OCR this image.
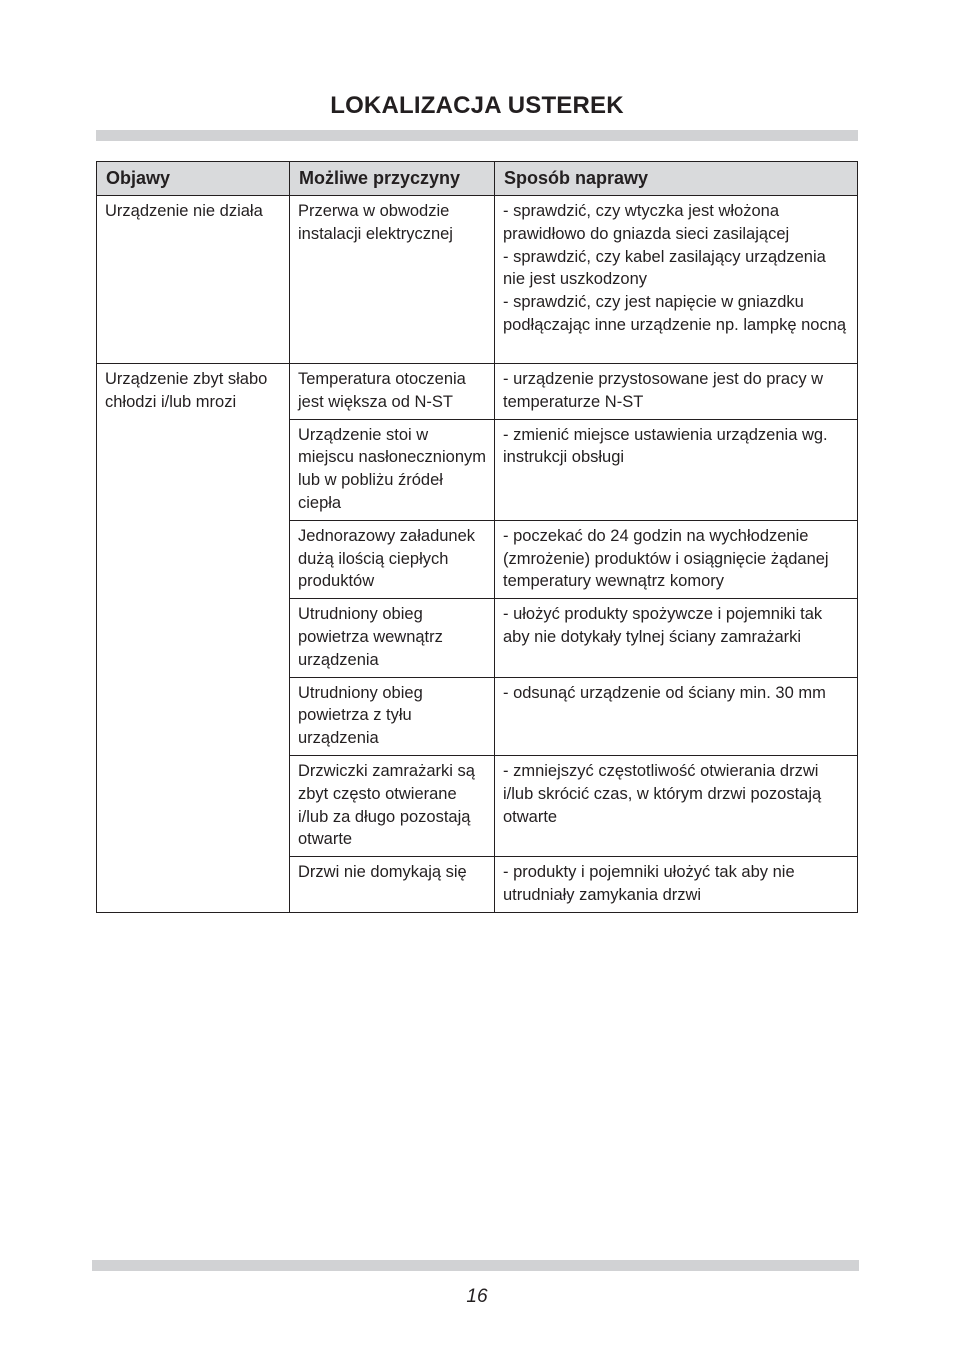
LOKALIZACJA USTEREK
Objawy	Możliwe przyczyny	Sposób naprawy
Urządzenie nie działa	Przerwa w obwodzie instalacji elektrycznej	- sprawdzić, czy wtyczka jest włożona prawidłowo do gniazda sieci zasilającej
- sprawdzić, czy kabel zasilający urządzenia nie jest uszkodzony
- sprawdzić, czy jest napięcie w gniazdku podłączając inne urządzenie np. lampkę nocną

Urządzenie zbyt słabo
chłodzi i/lub mrozi	Temperatura otoczenia jest większa od N-ST	- urządzenie przystosowane jest do pracy w temperaturze N-ST
	Urządzenie stoi w miejscu nasłonecznionym lub w pobliżu źródeł ciepła	- zmienić miejsce ustawienia urządzenia wg. instrukcji obsługi
	Jednorazowy załadunek dużą ilością ciepłych produktów	- poczekać do 24 godzin na wychłodzenie (zmrożenie) produktów i osiągnięcie żądanej temperatury wewnątrz komory
	Utrudniony obieg powietrza wewnątrz urządzenia	- ułożyć produkty spożywcze i pojemniki tak aby nie dotykały tylnej ściany zamrażarki
	Utrudniony obieg powietrza z tyłu urządzenia	- odsunąć urządzenie od ściany min. 30 mm
	Drzwiczki zamrażarki są zbyt często otwierane i/lub za długo pozostają otwarte	- zmniejszyć częstotliwość otwierania drzwi i/lub skrócić czas, w którym drzwi pozostają otwarte
	Drzwi nie domykają się	- produkty i pojemniki ułożyć tak aby nie utrudniały zamykania drzwi
16
